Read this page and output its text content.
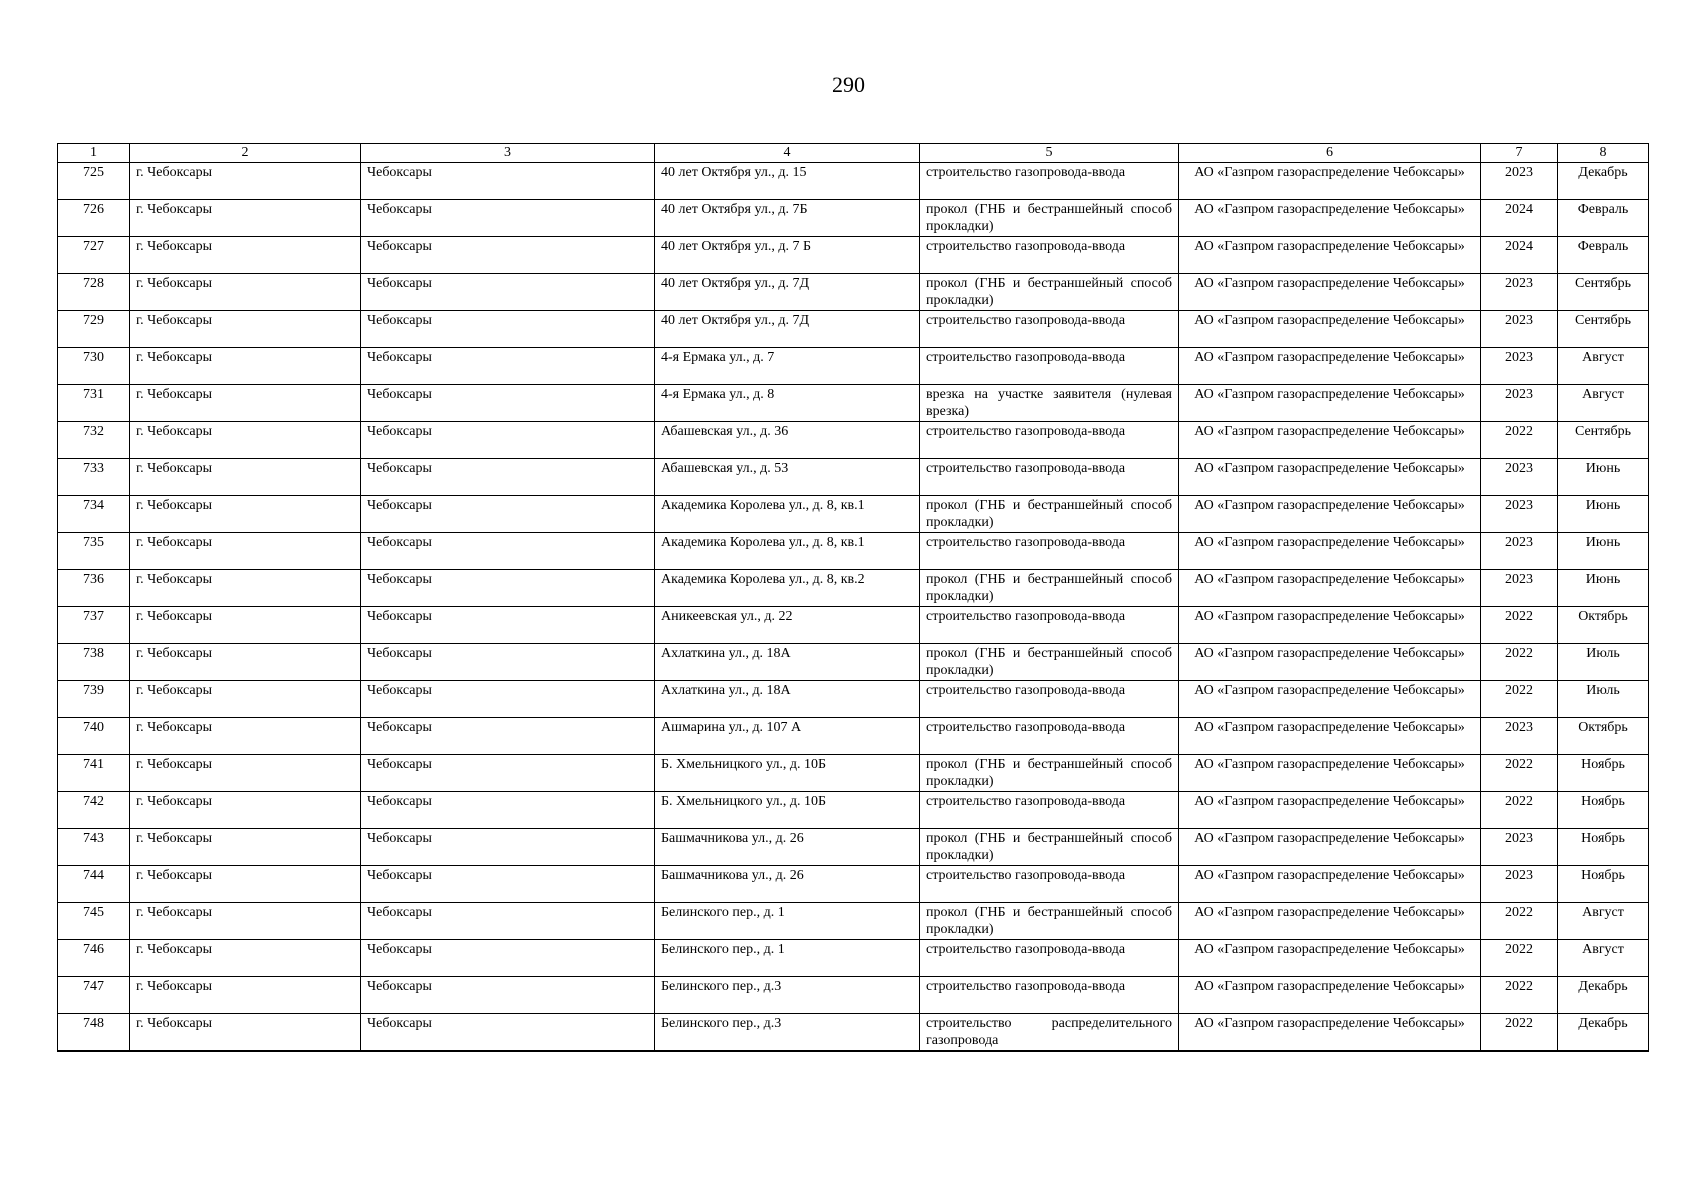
290
1	2	3	4	5	6	7	8
725	г. Чебоксары	Чебоксары	40 лет Октября ул., д. 15	строительство газопровода-ввода	АО «Газпром газораспределение Чебоксары»	2023	Декабрь
726	г. Чебоксары	Чебоксары	40 лет Октября ул., д. 7Б	прокол (ГНБ и бестраншейный способ прокладки)	АО «Газпром газораспределение Чебоксары»	2024	Февраль
727	г. Чебоксары	Чебоксары	40 лет Октября ул., д. 7 Б	строительство газопровода-ввода	АО «Газпром газораспределение Чебоксары»	2024	Февраль
728	г. Чебоксары	Чебоксары	40 лет Октября ул., д. 7Д	прокол (ГНБ и бестраншейный способ прокладки)	АО «Газпром газораспределение Чебоксары»	2023	Сентябрь
729	г. Чебоксары	Чебоксары	40 лет Октября ул., д. 7Д	строительство газопровода-ввода	АО «Газпром газораспределение Чебоксары»	2023	Сентябрь
730	г. Чебоксары	Чебоксары	4-я Ермака ул., д. 7	строительство газопровода-ввода	АО «Газпром газораспределение Чебоксары»	2023	Август
731	г. Чебоксары	Чебоксары	4-я Ермака ул., д. 8	врезка на участке заявителя (нулевая врезка)	АО «Газпром газораспределение Чебоксары»	2023	Август
732	г. Чебоксары	Чебоксары	Абашевская ул., д. 36	строительство газопровода-ввода	АО «Газпром газораспределение Чебоксары»	2022	Сентябрь
733	г. Чебоксары	Чебоксары	Абашевская ул., д. 53	строительство газопровода-ввода	АО «Газпром газораспределение Чебоксары»	2023	Июнь
734	г. Чебоксары	Чебоксары	Академика Королева ул., д. 8, кв.1	прокол (ГНБ и бестраншейный способ прокладки)	АО «Газпром газораспределение Чебоксары»	2023	Июнь
735	г. Чебоксары	Чебоксары	Академика Королева ул., д. 8, кв.1	строительство газопровода-ввода	АО «Газпром газораспределение Чебоксары»	2023	Июнь
736	г. Чебоксары	Чебоксары	Академика Королева ул., д. 8, кв.2	прокол (ГНБ и бестраншейный способ прокладки)	АО «Газпром газораспределение Чебоксары»	2023	Июнь
737	г. Чебоксары	Чебоксары	Аникеевская ул., д. 22	строительство газопровода-ввода	АО «Газпром газораспределение Чебоксары»	2022	Октябрь
738	г. Чебоксары	Чебоксары	Ахлаткина ул., д. 18А	прокол (ГНБ и бестраншейный способ прокладки)	АО «Газпром газораспределение Чебоксары»	2022	Июль
739	г. Чебоксары	Чебоксары	Ахлаткина ул., д. 18А	строительство газопровода-ввода	АО «Газпром газораспределение Чебоксары»	2022	Июль
740	г. Чебоксары	Чебоксары	Ашмарина ул., д. 107 А	строительство газопровода-ввода	АО «Газпром газораспределение Чебоксары»	2023	Октябрь
741	г. Чебоксары	Чебоксары	Б. Хмельницкого ул., д. 10Б	прокол (ГНБ и бестраншейный способ прокладки)	АО «Газпром газораспределение Чебоксары»	2022	Ноябрь
742	г. Чебоксары	Чебоксары	Б. Хмельницкого ул., д. 10Б	строительство газопровода-ввода	АО «Газпром газораспределение Чебоксары»	2022	Ноябрь
743	г. Чебоксары	Чебоксары	Башмачникова ул., д. 26	прокол (ГНБ и бестраншейный способ прокладки)	АО «Газпром газораспределение Чебоксары»	2023	Ноябрь
744	г. Чебоксары	Чебоксары	Башмачникова ул., д. 26	строительство газопровода-ввода	АО «Газпром газораспределение Чебоксары»	2023	Ноябрь
745	г. Чебоксары	Чебоксары	Белинского пер., д. 1	прокол (ГНБ и бестраншейный способ прокладки)	АО «Газпром газораспределение Чебоксары»	2022	Август
746	г. Чебоксары	Чебоксары	Белинского пер., д. 1	строительство газопровода-ввода	АО «Газпром газораспределение Чебоксары»	2022	Август
747	г. Чебоксары	Чебоксары	Белинского пер., д.3	строительство газопровода-ввода	АО «Газпром газораспределение Чебоксары»	2022	Декабрь
748	г. Чебоксары	Чебоксары	Белинского пер., д.3	строительство распределительного газопровода	АО «Газпром газораспределение Чебоксары»	2022	Декабрь
